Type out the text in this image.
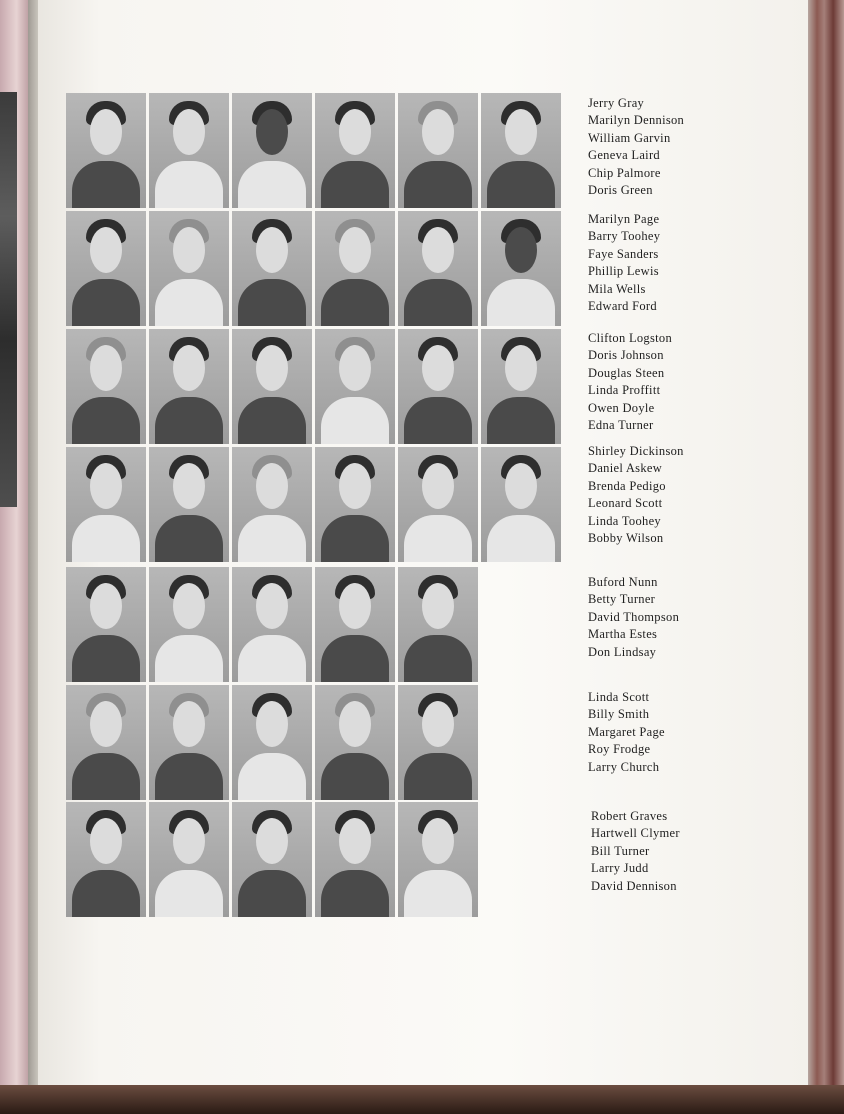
Jerry Gray
Marilyn Dennison
William Garvin
Geneva Laird
Chip Palmore
Doris Green
Marilyn Page
Barry Toohey
Faye Sanders
Phillip Lewis
Mila Wells
Edward Ford
Clifton Logston
Doris Johnson
Douglas Steen
Linda Proffitt
Owen Doyle
Edna Turner
Shirley Dickinson
Daniel Askew
Brenda Pedigo
Leonard Scott
Linda Toohey
Bobby Wilson
Buford Nunn
Betty Turner
David Thompson
Martha Estes
Don Lindsay
Linda Scott
Billy Smith
Margaret Page
Roy Frodge
Larry Church
Robert Graves
Hartwell Clymer
Bill Turner
Larry Judd
David Dennison
